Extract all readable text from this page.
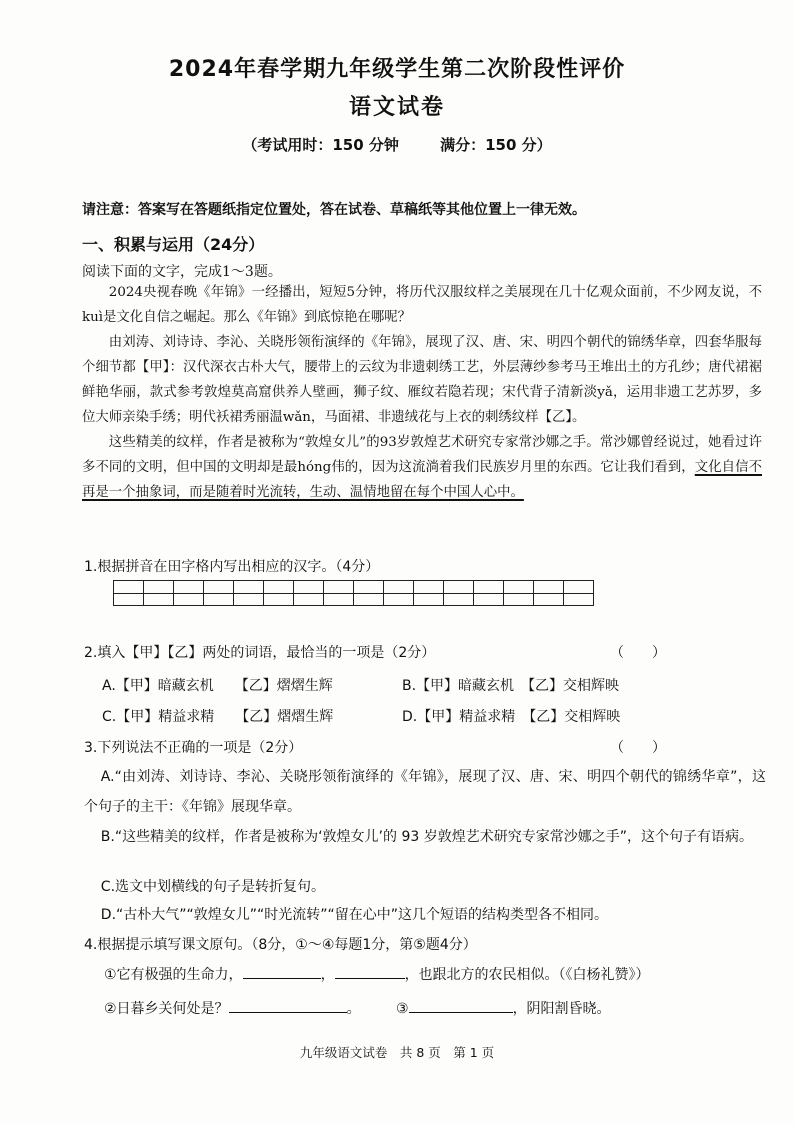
2024年春学期九年级学生第二次阶段性评价
语文试卷
（考试用时：150 分钟	满分：150 分）
请注意：答案写在答题纸指定位置处，答在试卷、草稿纸等其他位置上一律无效。
一、积累与运用（24分）
阅读下面的文字，完成1～3题。

2024央视春晚《年锦》一经播出，短短5分钟，将历代汉服纹样之美展现在几十亿观众面前，不少网友说，不kuì是文化自信之崛起。那么《年锦》到底惊艳在哪呢？

由刘涛、刘诗诗、李沁、关晓彤领衔演绎的《年锦》，展现了汉、唐、宋、明四个朝代的锦绣华章，四套华服每个细节都【甲】：汉代深衣古朴大气，腰带上的云纹为非遗刺绣工艺，外层薄纱参考马王堆出土的方孔纱；唐代裙裾鲜艳华丽，款式参考敦煌莫高窟供养人壁画，狮子纹、雁纹若隐若现；宋代背子清新淡yǎ，运用非遗工艺苏罗，多位大师亲染手绣；明代袄裙秀丽温wǎn，马面裙、非遗绒花与上衣的刺绣纹样【乙】。

这些精美的纹样，作者是被称为“敦煌女儿”的93岁敦煌艺术研究专家常沙娜之手。常沙娜曾经说过，她看过许多不同的文明，但中国的文明却是最hóng伟的，因为这流淌着我们民族岁月里的东西。它让我们看到，文化自信不再是一个抽象词，而是随着时光流转，生动、温情地留在每个中国人心中。

1.根据拼音在田字格内写出相应的汉字。（4分）

2.填入【甲】【乙】两处的词语，最恰当的一项是（2分）	（　　）
A.【甲】暗藏玄机　　【乙】熠熠生辉	B.【甲】暗藏玄机　【乙】交相辉映
C.【甲】精益求精　　【乙】熠熠生辉	D.【甲】精益求精　【乙】交相辉映
3.下列说法不正确的一项是（2分）	（　　）
A.“由刘涛、刘诗诗、李沁、关晓彤领衔演绎的《年锦》，展现了汉、唐、宋、明四个朝代的锦绣华章”，这个句子的主干：《年锦》展现华章。
B.“这些精美的纹样，作者是被称为‘敦煌女儿’的 93 岁敦煌艺术研究专家常沙娜之手”，这个句子有语病。
C.选文中划横线的句子是转折复句。
D.“古朴大气”“敦煌女儿”“时光流转”“留在心中”这几个短语的结构类型各不相同。
4.根据提示填写课文原句。（8分，①～④每题1分，第⑤题4分）
①它有极强的生命力，	，	，也跟北方的农民相似。（《白杨礼赞》）
②日暮乡关何处是？	。	③	，阴阳割昏晓。
九年级语文试卷　共 8 页　第 1 页
